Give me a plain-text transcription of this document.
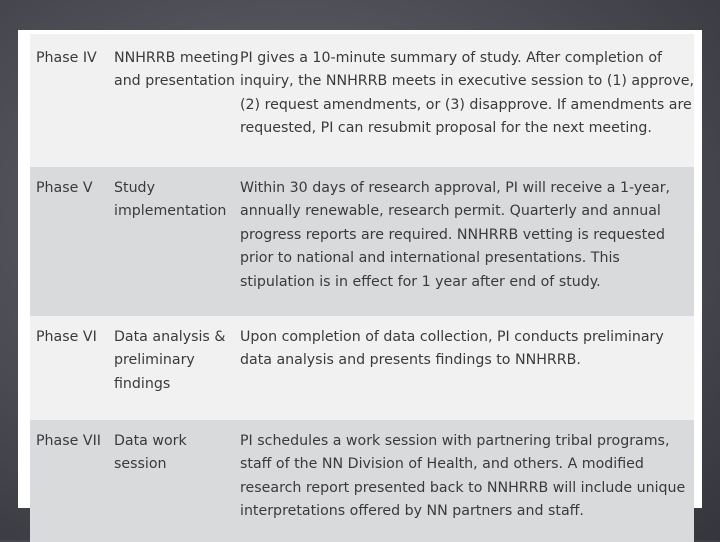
Phase IV	NNHRRB meeting and presentation	PI gives a 10-minute summary of study. After completion of inquiry, the NNHRRB meets in executive session to (1) approve, (2) request amendments, or (3) disapprove. If amendments are requested, PI can resubmit proposal for the next meeting.
Phase V	Study implementation	Within 30 days of research approval, PI will receive a 1-year, annually renewable, research permit. Quarterly and annual progress reports are required. NNHRRB vetting is requested prior to national and international presentations. This stipulation is in effect for 1 year after end of study.
Phase VI	Data analysis & preliminary findings	Upon completion of data collection, PI conducts preliminary data analysis and presents findings to NNHRRB.
Phase VII	Data work session	PI schedules a work session with partnering tribal programs, staff of the NN Division of Health, and others. A modified research report presented back to NNHRRB will include unique interpretations offered by NN partners and staff.
